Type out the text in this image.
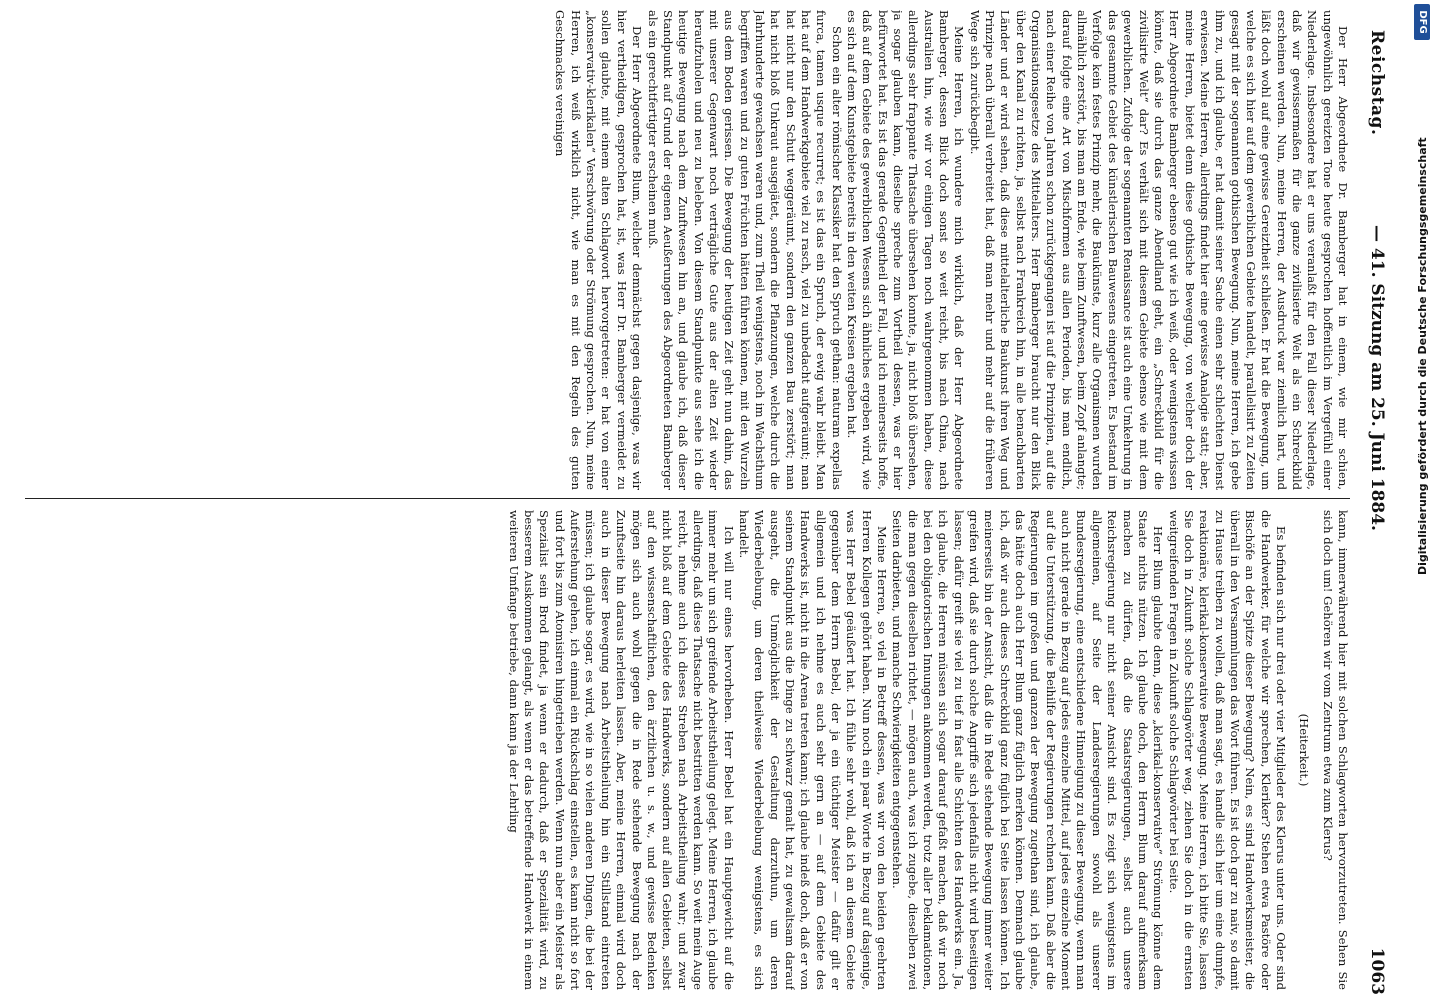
Reichstag.
— 41. Sitzung am 25. Juni 1884.
1063

Der Herr Abgeordnete Dr. Bamberger hat in einem, wie mir schien, ungewöhnlich gereizten Tone heute gesprochen hoffentlich im Vergefühl einer Niederlage. Insbesondere hat er uns veranlaßt für den Fall dieser Niederlage, daß wir gewissermaßen für die ganze zivilisierte Welt als ein Schreckbild erscheinen werden. Nun, meine Herren, der Ausdruck war ziemlich hart, und läßt doch wohl auf eine gewisse Gereiztheit schließen. Er hat die Bewegung, um welche es sich hier auf dem gewerblichen Gebiete handelt, parallelisirt zu Zeiten gesagt mit der sogenannten gothischen Bewegung. Nun, meine Herren, ich gebe ihm zu, und ich glaube, er hat damit seiner Sache einen sehr schlechten Dienst erwiesen. Meine Herren, allerdings findet hier eine gewisse Analogie statt; aber, meine Herren, bietet denn diese gothische Bewegung, von welcher doch der Herr Abgeordnete Bamberger ebenso gut wie ich weiß, oder wenigstens wissen könnte, daß sie durch das ganze Abendland geht, ein „Schreckbild für die zivilisirte Welt“ dar? Es verhält sich mit diesem Gebiete ebenso wie mit dem gewerblichen. Zufolge der sogenannten Renaissance ist auch eine Umkehrung in das gesammte Gebiet des künstlerischen Bauwesens eingetreten. Es bestand im Verfolge kein festes Prinzip mehr, die Baukünste, kurz alle Organismen wurden allmählich zerstört, bis man am Ende, wie beim Zunftwesen, beim Zopf anlangte; darauf folgte eine Art von Mischformen aus allen Perioden, bis man endlich, nach einer Reihe von Jahren schon zurückgegangen ist auf die Prinzipien, auf die Organisationsgesetze des Mittelalters. Herr Bamberger braucht nur den Blick über den Kanal zu richten, ja, selbst nach Frankreich hin, in alle benachbarten Länder und er wird sehen, daß diese mittelalterliche Baukunst ihren Weg und Prinzipe nach überall verbreitet hat, daß man mehr und mehr auf die früheren Wege sich zurückbegibt.

Meine Herren, ich wundere mich wirklich, daß der Herr Abgeordnete Bamberger, dessen Blick doch sonst so weit reicht, bis nach China, nach Australien hin, wie wir vor einigen Tagen noch wahrgenommen haben, diese allerdings sehr frappante Thatsache übersehen konnte, ja, nicht bloß übersehen, ja sogar glauben kann, dieselbe spreche zum Vortheil dessen, was er hier befürwortet hat. Es ist das gerade Gegentheil der Fall, und ich meinerseits hoffe, daß auf dem Gebiete des gewerblichen Wesens sich ähnliches ergeben wird, wie es sich auf dem Kunstgebiete bereits in den weiten Kreisen ergeben hat.

Schon ein alter römischer Klassiker hat den Spruch gethan: naturam expellas furca, tamen usque recurret; es ist das ein Spruch, der ewig wahr bleibt. Man hat auf dem Handwerkgebiete viel zu rasch, viel zu unbedacht aufgeräumt; man hat nicht nur den Schutt weggeräumt, sondern den ganzen Bau zerstört; man hat nicht bloß Unkraut ausgejätet, sondern die Pflanzungen, welche durch die Jahrhunderte gewachsen waren und, zum Theil wenigstens, noch im Wachsthum begriffen waren und zu guten Früchten hätten führen können, mit den Wurzeln aus dem Boden gerissen. Die Bewegung der heutigen Zeit geht nun dahin, das mit unserer Gegenwart noch verträgliche Gute aus der alten Zeit wieder heraufzuholen und neu zu beleben. Von diesem Standpunkte aus sehe ich die heutige Bewegung nach dem Zunftwesen hin an, und glaube ich, daß dieser Standpunkt auf Grund der eigenen Aeußerungen des Abgeordneten Bamberger als ein gerechtfertigter erscheinen muß.

Der Herr Abgeordnete Blum, welcher demnächst gegen dasjenige, was wir hier vertheidigen, gesprochen hat, ist, was Herr Dr. Bamberger vermeidet zu sollen glaubte, mit einem alten Schlagwort hervorgetreten: er hat von einer „konservativ-klerikalen“ Verschwörung oder Strömung gesprochen. Nun, meine Herren, ich weiß wirklich nicht, wie man es mit den Regeln des guten Geschmackes vereinigen

kann, immerwährend hier mit solchen Schlagworten hervorzutreten. Sehen Sie sich doch um! Gehören wir vom Zentrum etwa zum Klerus?

(Heiterkeit.)

Es befinden sich nur drei oder vier Mitglieder des Klerus unter uns. Oder sind die Handwerker, für welche wir sprechen, Kleriker? Stehen etwa Pastöre oder Bischöfe an der Spitze dieser Bewegung? Nein, es sind Handwerksmeister, die überall in den Versammlungen das Wort führen. Es ist doch gar zu naiv, so damit zu Hause treiben zu wollen, daß man sagt, es handle sich hier um eine dumpfe, reaktionäre, klerikal-konservative Bewegung. Meine Herren, ich bitte Sie, lassen Sie doch in Zukunft solche Schlagwörter weg, ziehen Sie doch in die ernsten weitgreifenden Fragen in Zukunft solche Schlagwörter bei Seite.

Herr Blum glaubte denn, diese „klerikal-konservative“ Strömung könne dem Staate nichts nützen. Ich glaube doch, den Herrn Blum darauf aufmerksam machen zu dürfen, daß die Staatsregierungen, selbst auch unsere Reichsregierung nur nicht seiner Ansicht sind. Es zeigt sich wenigstens im allgemeinen, auf Seite der Landesregierungen sowohl als unserer Bundesregierung, eine entschiedene Hinneigung zu dieser Bewegung, wenn man auch nicht gerade in Bezug auf jedes einzelne Mittel, auf jedes einzelne Moment auf die Unterstützung, die Beihilfe der Regierungen rechnen kann. Daß aber die Regierungen im großen und ganzen der Bewegung zugethan sind, ich glaube, das hätte doch auch Herr Blum ganz füglich merken können. Demnach glaube ich, daß wir auch dieses Schreckbild ganz füglich bei Seite lassen können. Ich meinerseits bin der Ansicht, daß die in Rede stehende Bewegung immer weiter greifen wird, daß sie durch solche Angriffe sich jedenfalls nicht wird beseitigen lassen; dafür greift sie viel zu tief in fast alle Schichten des Handwerks ein. Ja, ich glaube, die Herren müssen sich sogar darauf gefaßt machen, daß wir noch bei den obligatorischen Innungen ankommen werden, trotz aller Deklamationen, die man gegen dieselben richtet, — mögen auch, was ich zugebe, dieselben zwei Seiten darbieten, und manche Schwierigkeiten entgegenstehen.

Meine Herren, so viel in Betreff dessen, was wir von den beiden geehrten Herren Kollegen gehört haben. Nun noch ein paar Worte in Bezug auf dasjenige, was Herr Bebel geäußert hat. Ich fühle sehr wohl, daß ich an diesem Gebiete gegenüber dem Herrn Bebel, der ja ein tüchtiger Meister — dafür gilt er allgemein und ich nehme es auch sehr gern an — auf dem Gebiete des Handwerks ist, nicht in die Arena treten kann; ich glaube indeß doch, daß er von seinem Standpunkt aus die Dinge zu schwarz gemalt hat, zu gewaltsam darauf ausgeht, die Unmöglichkeit der Gestaltung darzuthun, um deren Wiederbelebung, um deren theilweise Wiederbelebung wenigstens, es sich handelt.

Ich will nur eines hervorheben. Herr Bebel hat ein Hauptgewicht auf die immer mehr um sich greifende Arbeitstheilung gelegt. Meine Herren, ich glaube allerdings, daß diese Thatsache nicht bestritten werden kann. So weit mein Auge reicht, nehme auch ich dieses Streben nach Arbeitstheilung wahr; und zwar nicht bloß auf dem Gebiete des Handwerks, sondern auf allen Gebieten, selbst auf den wissenschaftlichen, den ärztlichen u. s. w., und gewisse Bedenken mögen sich auch wohl gegen die in Rede stehende Bewegung nach der Zunftseite hin daraus herleiten lassen. Aber, meine Herren, einmal wird doch auch in dieser Bewegung nach Arbeitstheilung hin ein Stillstand eintreten müssen; ich glaube sogar, es wird, wie in so vielen anderen Dingen, die bei der Auferstehung gehen, ich einmal ein Rückschlag einstellen, es kann nicht so fort und fort bis zum Atomisiren hingetrieben werden. Wenn nun aber ein Meister als Spezialist sein Brod findet, ja wenn er dadurch, daß er Spezialität wird, zu besserem Auskommen gelangt, als wenn er das betreffende Handwerk in einem weiteren Umfange betriebe, dann kann ja der Lehrling

Digitalisierung gefördert durch die Deutsche Forschungsgemeinschaft
DFG
